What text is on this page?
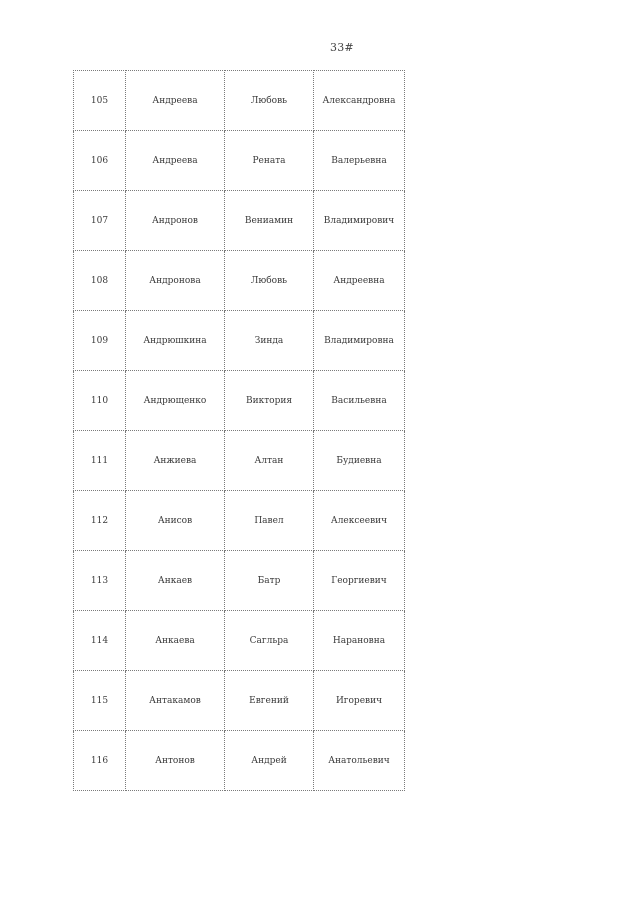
33#
105	Андреева	Любовь	Александровна
106	Андреева	Рената	Валерьевна
107	Андронов	Вениамин	Владимирович
108	Андронова	Любовь	Андреевна
109	Андрюшкина	Зинда	Владимировна
110	Андрющенко	Виктория	Васильевна
111	Анжиева	Алтан	Будиевна
112	Анисов	Павел	Алексеевич
113	Анкаев	Батр	Георгиевич
114	Анкаева	Сагльра	Нарановна
115	Антакамов	Евгений	Игоревич
116	Антонов	Андрей	Анатольевич
